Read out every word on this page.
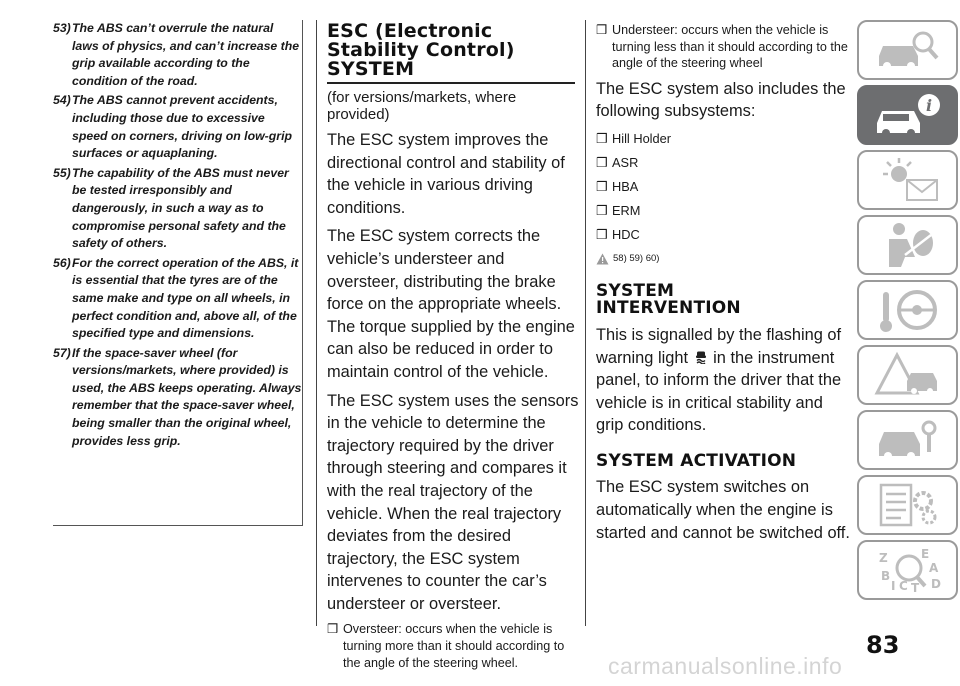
53) The ABS can’t overrule the natural laws of physics, and can’t increase the grip available according to the condition of the road.
54) The ABS cannot prevent accidents, including those due to excessive speed on corners, driving on low-grip surfaces or aquaplaning.
55) The capability of the ABS must never be tested irresponsibly and dangerously, in such a way as to compromise personal safety and the safety of others.
56) For the correct operation of the ABS, it is essential that the tyres are of the same make and type on all wheels, in perfect condition and, above all, of the specified type and dimensions.
57) If the space-saver wheel (for versions/markets, where provided) is used, the ABS keeps operating. Always remember that the space-saver wheel, being smaller than the original wheel, provides less grip.
ESC (Electronic
Stability Control)
SYSTEM

(for versions/markets, where provided)

The ESC system improves the directional control and stability of the vehicle in various driving conditions.

The ESC system corrects the vehicle’s understeer and oversteer, distributing the brake force on the appropriate wheels. The torque supplied by the engine can also be reduced in order to maintain control of the vehicle.

The ESC system uses the sensors in the vehicle to determine the trajectory required by the driver through steering and compares it with the real trajectory of the vehicle. When the real trajectory deviates from the desired trajectory, the ESC system intervenes to counter the car’s understeer or oversteer.

❒ Oversteer: occurs when the vehicle is turning more than it should according to the angle of the steering wheel.
❒ Understeer: occurs when the vehicle is turning less than it should according to the angle of the steering wheel

The ESC system also includes the following subsystems:

❒ Hill Holder
❒ ASR
❒ HBA
❒ ERM
❒ HDC
58) 59) 60)
SYSTEM
INTERVENTION

This is signalled by the flashing of warning light in the instrument panel, to inform the driver that the vehicle is in critical stability and grip conditions.

SYSTEM ACTIVATION

The ESC system switches on automatically when the engine is started and cannot be switched off.

i
Z	E
A
B
I C T D
83
carmanualsonline.info
